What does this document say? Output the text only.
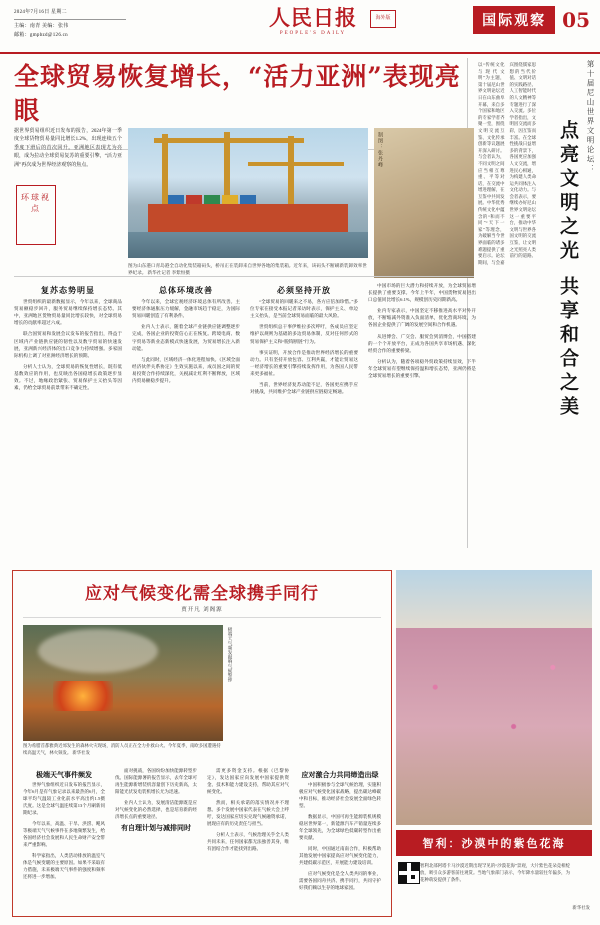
2024年7月16日 星期二
主编：南青 美编：张伟
邮箱：gmpbzd@126.cn
人民日报
PEOPLE'S DAILY
海外版	国际观察 05
第十届尼山世界文明论坛：
点亮文明之光 共享和合之美
以“传统文化与现代文明”为主题，第十届尼山世界文明论坛近日在山东曲阜开幕，来自多个国家和地区的专家学者齐聚一堂，围绕文明交流互鉴、文化传承创新等议题展开深入研讨。与会者认为，不同文明之间应当相互尊重、平等对话，在交流中增进理解，在互鉴中共同发展。中华优秀传统文化中蕴含的“和而不同”“天下一家”等理念，为破解当今世界面临的诸多难题提供了重要启示。论坛期间，与会嘉宾围绕儒家思想的当代价值、文明对话的实践路径、人工智能时代的人文精神等专题进行了深入交流。多位学者指出，文明因交流而多彩，因互鉴而丰富。在全球性挑战日益增多的背景下，各国更应加强人文交流，增进民心相通，为构建人类命运共同体注入文化动力。与会者表示，要继续办好尼山世界文明论坛这一重要平台，推动中华文明与世界各国文明的交流互鉴，让文明之光照亮人类前行的道路。
全球贸易恢复增长，“活力亚洲”表现亮眼
据世界贸易组织近日发布的报告，2024年第一季度全球货物贸易量同比增长1.2%，出现连续五个季度下滑后的首次回升。亚洲地区表现尤为亮眼，成为拉动全球贸易复苏的重要引擎，“活力亚洲”再次成为世界经济观察的焦点。
环球视点
图为山东港口青岛港全自动化集装箱码头，桥吊正在装卸来自世界各地的集装箱。近年来，该码头不断刷新装卸效率世界纪录。 新华社记者 李紫恒摄
制图：张丹峰
复苏态势明显

世贸组织的最新数据显示，今年以来，全球商品贸易额稳步回升，服务贸易继续保持增长态势。其中，亚洲地区货物贸易量同比增长较快，对全球贸易增长的贡献率超过六成。

联合国贸易和发展会议发布的报告指出，得益于区域内产业链供应链的韧性以及数字贸易的快速发展，亚洲新兴经济体的出口竞争力持续增强。多家国际机构上调了对亚洲经济增长的预期。

分析人士认为，全球贸易的恢复性增长，既有低基数效应的作用，也反映出各国稳增长政策逐步显效。不过，地缘政治紧张、贸易保护主义抬头等因素，仍给全球贸易前景带来不确定性。

总体环境改善

今年以来，全球宏观经济环境总体有所改善。主要经济体通胀压力缓解，金融市场趋于稳定，为国际贸易回暖创造了有利条件。

业内人士表示，随着全球产业链供应链调整逐步完成，各国企业的投资信心正在恢复。跨境电商、数字贸易等新业态新模式快速发展，为贸易增长注入新动能。

与此同时，区域经济一体化进程加快。《区域全面经济伙伴关系协定》生效实施以来，成员国之间的贸易投资合作持续深化，关税减让红利不断释放，区域内贸易额稳步提升。

必须坚持开放

“全球贸易的回暖来之不易，各方应倍加珍惜。”多位专家在接受本报记者采访时表示，保护主义、单边主义抬头，是当前全球贸易面临的最大风险。

世贸组织总干事伊维拉多次呼吁，各成员应坚定维护以规则为基础的多边贸易体制，反对任何形式的贸易保护主义和“脱钩断链”行为。

事实证明，开放合作是推动世界经济增长的重要动力。只有坚持开放包容、互利共赢，才能让贸易这一经济增长的重要引擎持续发挥作用，为各国人民带来更多福祉。

当前，世界经济复苏动能不足，各国更应携手应对挑战，共同维护全球产业链供应链稳定畅通。

中国市场的巨大潜力和持续开放，为全球贸易增长提供了重要支撑。今年上半年，中国货物贸易进出口总值同比增长6.1%，规模创历史同期新高。

业内专家表示，中国坚定不移推进高水平对外开放，不断缩减外资准入负面清单，优化营商环境，为各国企业提供了广阔的发展空间和合作机遇。

从进博会、广交会、服贸会到消博会，中国搭建的一个个开放平台，正成为各国共享市场机遇、深化经贸合作的重要桥梁。

分析认为，随着各项稳外贸政策持续显效，下半年全球贸易有望继续保持温和增长态势，亚洲仍将是全球贸易增长的重要引擎。

应对气候变化需全球携手同行
贾开凡 刘阁源
图为希腊首都雅典近郊发生的森林火灾现场，消防人员正在全力扑救山火。今年夏季，南欧多国遭遇持续高温天气，林火频发。 新华社发
极端天气频发敲响气候警钟
极端天气事件频发

世界气象组织近日发布的报告显示，今年6月是有气象记录以来最热的6月，全球平均气温较工业化前水平高出约1.5摄氏度。这是全球气温连续第13个月刷新同期纪录。

今年以来，高温、干旱、洪涝、飓风等极端天气气候事件在多地频繁发生，给各国经济社会发展和人民生命财产安全带来严重影响。

科学家指出，人类活动排放的温室气体是气候变暖的主要原因。如果不采取有力措施，未来极端天气事件的强度和频率还将进一步增加。

面对挑战，各国纷纷加快能源转型步伐。国际能源署的报告显示，去年全球可再生能源新增装机容量创下历史新高，太阳能光伏发电装机增长尤为迅速。

业内人士认为，发展清洁能源既是应对气候变化的必然选择，也是培育新的经济增长点的重要途径。

有自理计划与减排同时

需更多资金支持。根据《巴黎协定》，发达国家应向发展中国家提供资金、技术和能力建设支持，帮助其应对气候变化。

然而，相关承诺的落实情况并不理想。多个发展中国家代表在气候大会上呼吁，发达国家应切实兑现气候融资承诺，展现应有的历史责任与担当。

分析人士表示，气候治理关乎全人类共同未来，任何国家都无法独善其身，唯有团结合作才能找到出路。

应对激合力共同缔造出绿

中国积极参与全球气候治理，实施积极应对气候变化国家战略，提出碳达峰碳中和目标，推动经济社会发展全面绿色转型。

数据显示，中国可再生能源装机规模稳居世界第一，新能源汽车产销量连续多年全球领先，为全球绿色低碳转型作出重要贡献。

同时，中国通过南南合作，积极帮助其他发展中国家提高应对气候变化能力，共建低碳示范区，开展能力建设培训。

应对气候变化是全人类共同的事业，需要各国同舟共济、携手同行，共同守护好我们赖以生存的地球家园。

智利：沙漠中的紫色花海
智利北部阿塔卡马沙漠近期出现罕见的“沙漠花海”景观，大片紫色花朵竞相绽放，吸引众多游客前往观赏。当地气象部门表示，今年降水量较往年偏多，为花种萌发提供了条件。
新华社发
